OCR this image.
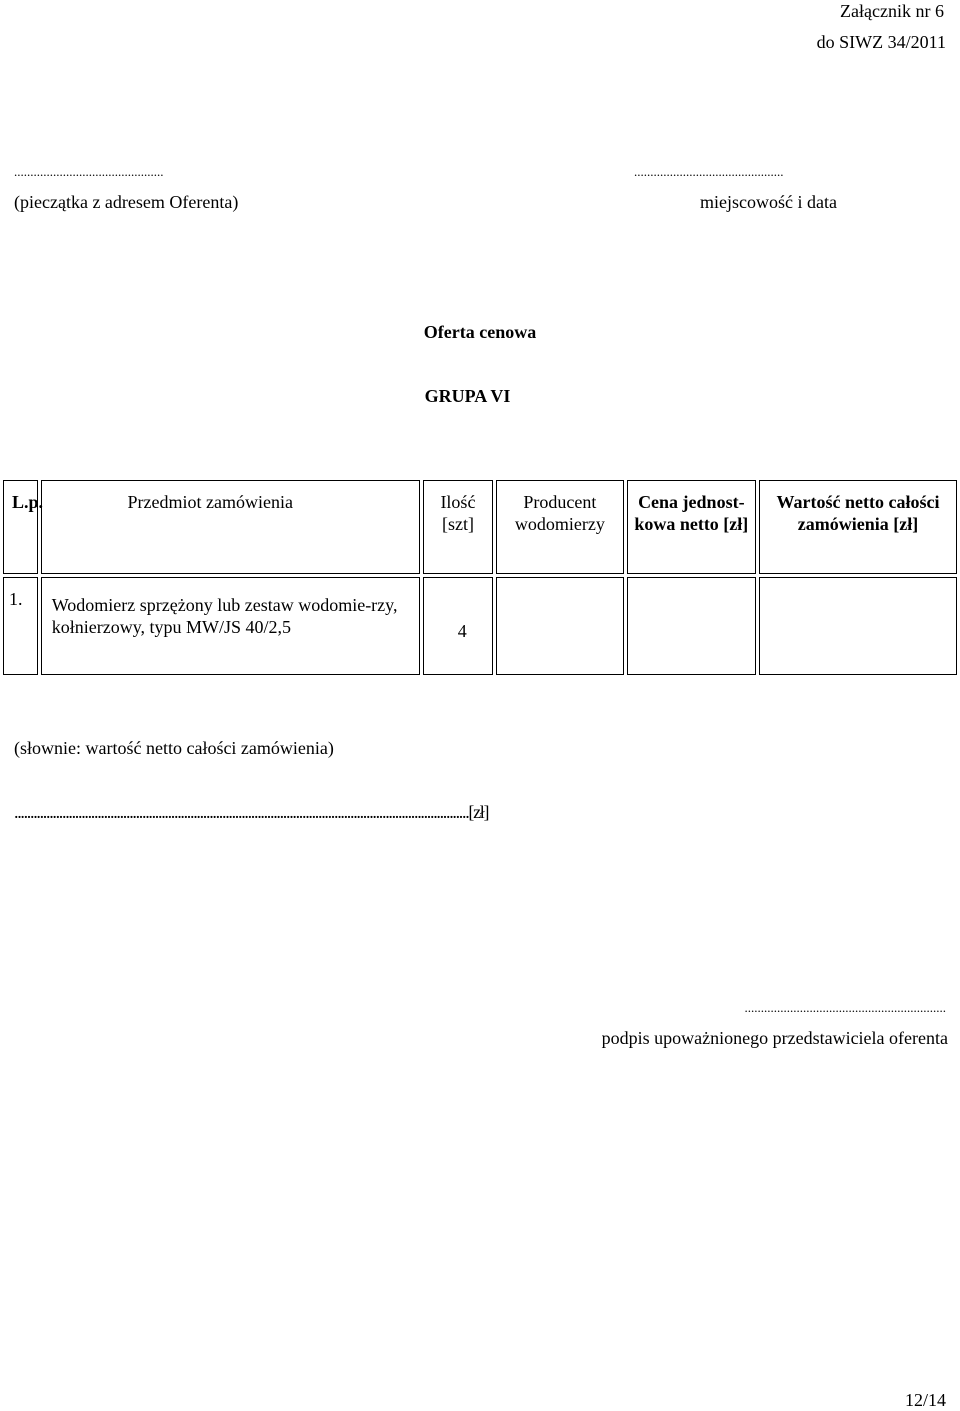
Załącznik nr 6
do SIWZ 34/2011
..............................................
(pieczątka z adresem Oferenta)
..............................................
miejscowość i data
Oferta cenowa
GRUPA VI
L.p.	Przedmiot zamówienia	Ilość [szt]	Producent wodomierzy	Cena jednost-kowa netto [zł]	Wartość netto całości zamówienia [zł]
1.	Wodomierz sprzężony lub zestaw wodomie-rzy, kołnierzowy, typu MW/JS 40/2,5	4			
(słownie: wartość netto całości zamówienia)
..............................................................................................................................................[zł]
..............................................................
podpis upoważnionego przedstawiciela oferenta
12/14
